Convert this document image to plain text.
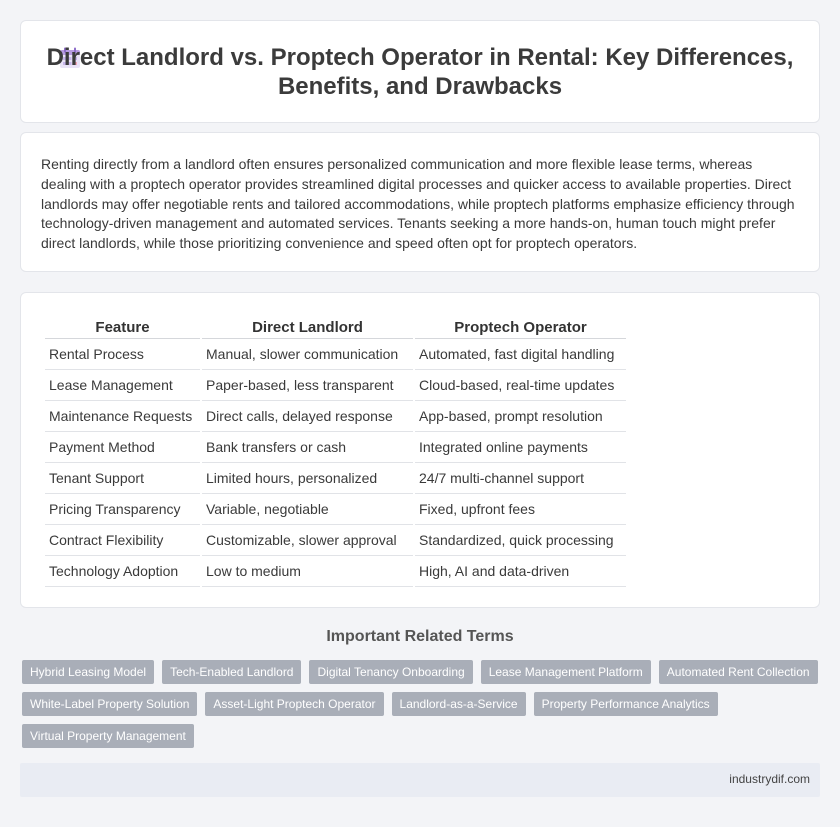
Direct Landlord vs. Proptech Operator in Rental: Key Differences, Benefits, and Drawbacks

Renting directly from a landlord often ensures personalized communication and more flexible lease terms, whereas dealing with a proptech operator provides streamlined digital processes and quicker access to available properties. Direct landlords may offer negotiable rents and tailored accommodations, while proptech platforms emphasize efficiency through technology-driven management and automated services. Tenants seeking a more hands-on, human touch might prefer direct landlords, while those prioritizing convenience and speed often opt for proptech operators.

Feature	Direct Landlord	Proptech Operator
Rental Process	Manual, slower communication	Automated, fast digital handling
Lease Management	Paper-based, less transparent	Cloud-based, real-time updates
Maintenance Requests	Direct calls, delayed response	App-based, prompt resolution
Payment Method	Bank transfers or cash	Integrated online payments
Tenant Support	Limited hours, personalized	24/7 multi-channel support
Pricing Transparency	Variable, negotiable	Fixed, upfront fees
Contract Flexibility	Customizable, slower approval	Standardized, quick processing
Technology Adoption	Low to medium	High, AI and data-driven
Important Related Terms
Hybrid Leasing Model	Tech-Enabled Landlord	Digital Tenancy Onboarding	Lease Management Platform	Automated Rent Collection
White-Label Property Solution	Asset-Light Proptech Operator	Landlord-as-a-Service	Property Performance Analytics
Virtual Property Management
industrydif.com
